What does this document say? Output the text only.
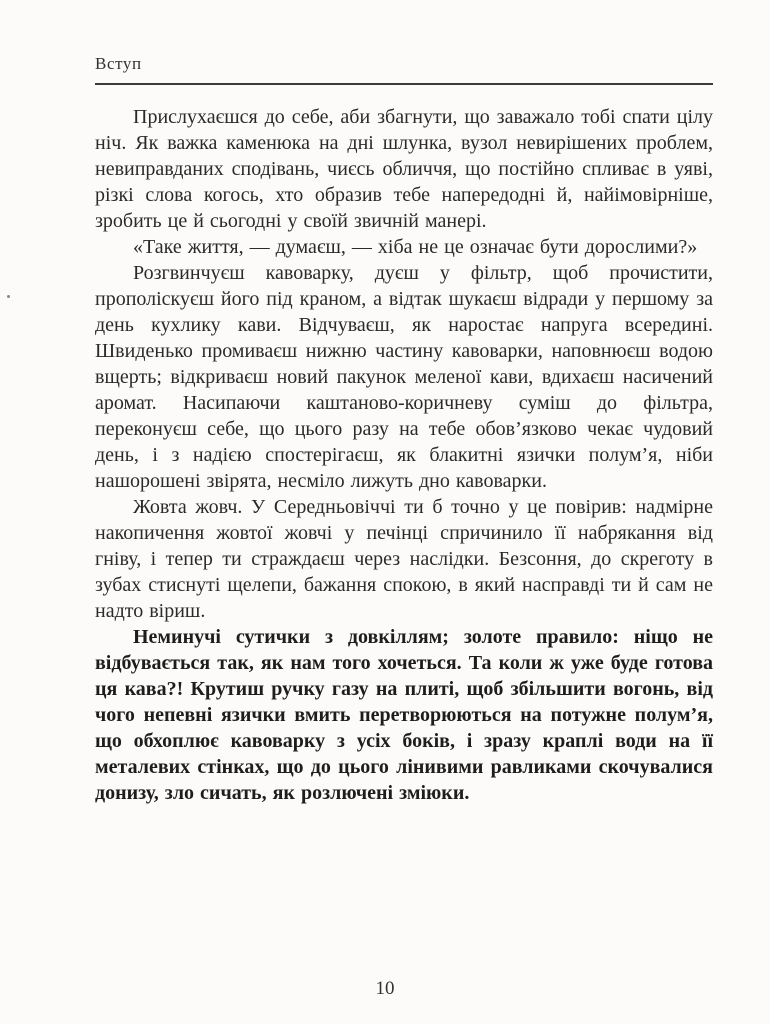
Вступ

Прислухаєшся до себе, аби збагнути, що заважало тобі спати цілу ніч. Як важка каменюка на дні шлунка, вузол невирішених проблем, невиправданих сподівань, чиєсь обличчя, що постійно спливає в уяві, різкі слова когось, хто образив тебе напередодні й, найімовірніше, зробить це й сьогодні у своїй звичній манері.

«Таке життя, — думаєш, — хіба не це означає бути дорослими?»

Розгвинчуєш кавоварку, дуєш у фільтр, щоб прочистити, прополіскуєш його під краном, а відтак шукаєш відради у першому за день кухлику кави. Відчуваєш, як наростає напруга всередині. Швиденько промиваєш нижню частину кавоварки, наповнюєш водою вщерть; відкриваєш новий пакунок меленої кави, вдихаєш насичений аромат. Насипаючи каштаново-коричневу суміш до фільтра, переконуєш себе, що цього разу на тебе обов’язково чекає чудовий день, і з надією спостерігаєш, як блакитні язички полум’я, ніби нашорошені звірята, несміло лижуть дно кавоварки.

Жовта жовч. У Середньовіччі ти б точно у це повірив: надмірне накопичення жовтої жовчі у печінці спричинило її набрякання від гніву, і тепер ти страждаєш через наслідки. Безсоння, до скреготу в зубах стиснуті щелепи, бажання спокою, в який насправді ти й сам не надто віриш.

Неминучі сутички з довкіллям; золоте правило: ніщо не відбувається так, як нам того хочеться. Та коли ж уже буде готова ця кава?! Крутиш ручку газу на плиті, щоб збільшити вогонь, від чого непевні язички вмить перетворюються на потужне полум’я, що обхоплює кавоварку з усіх боків, і зразу краплі води на її металевих стінках, що до цього лінивими равликами скочувалися донизу, зло сичать, як розлючені зміюки.

10
